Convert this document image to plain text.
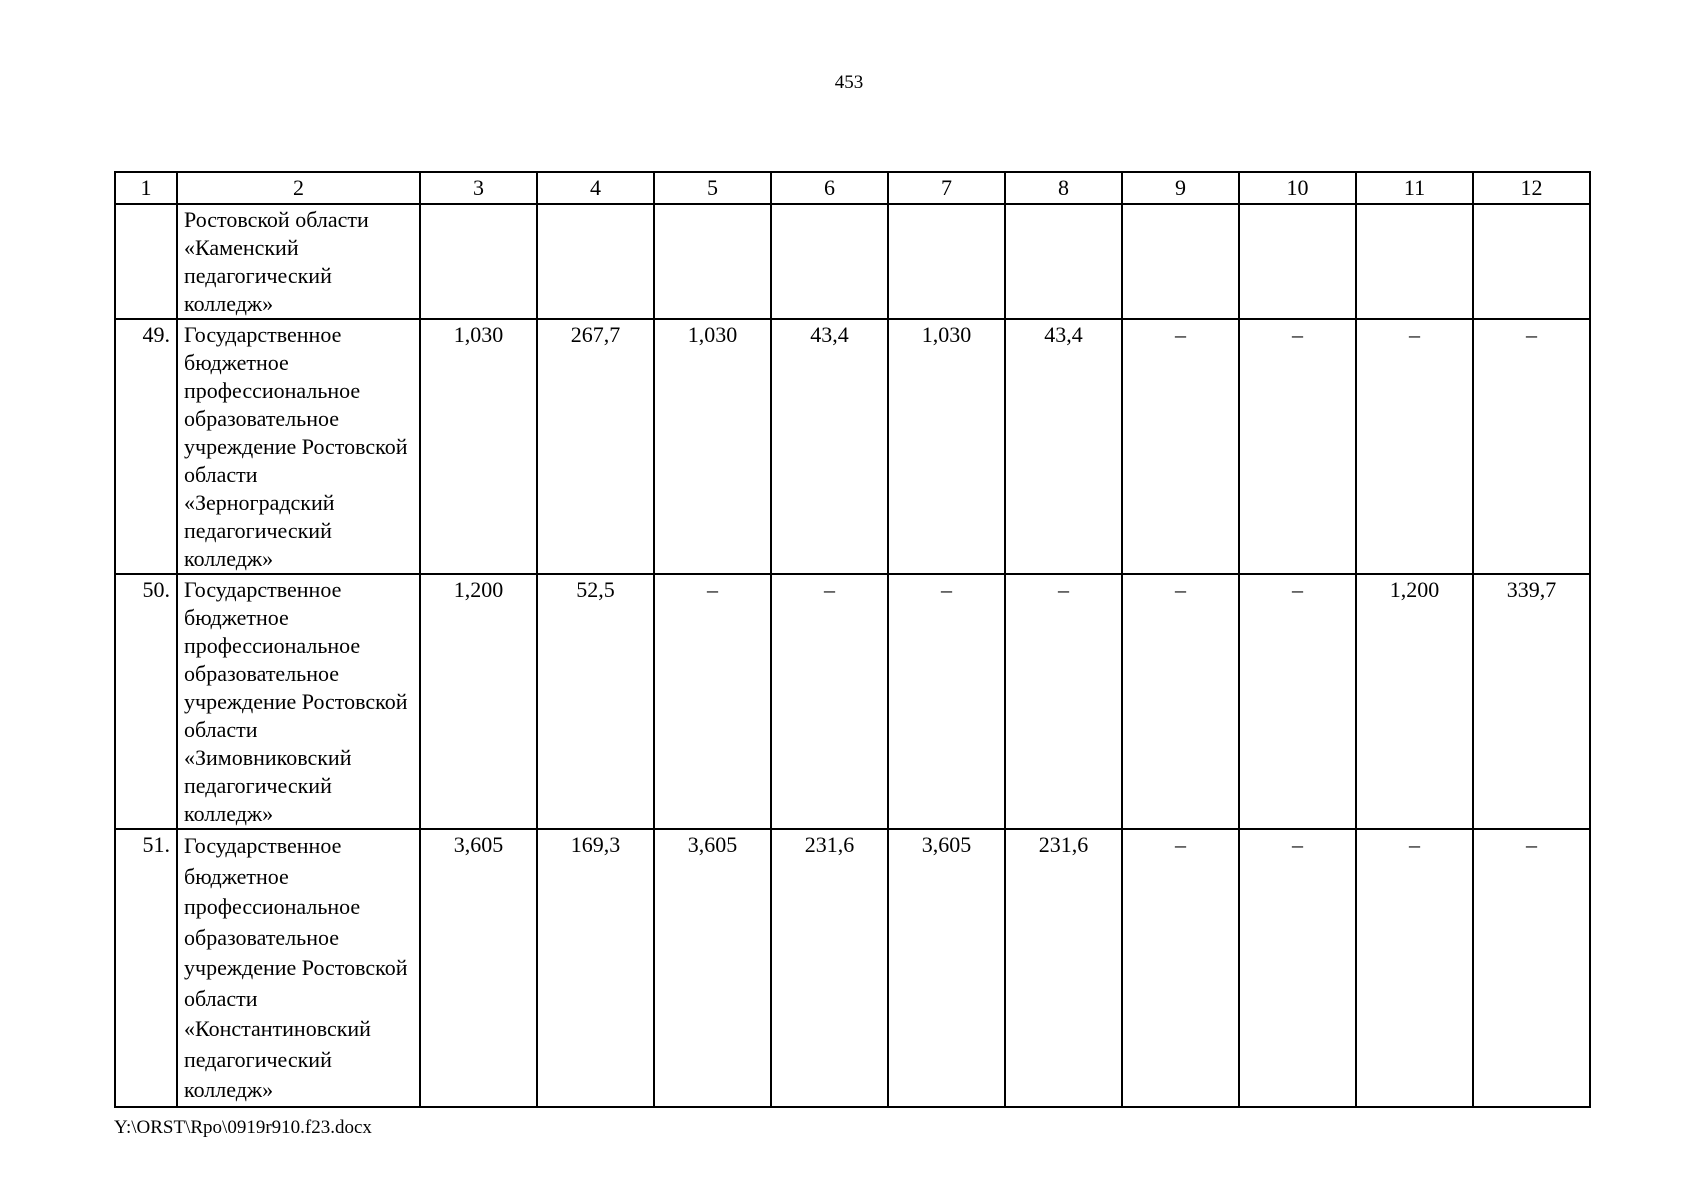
453
1	2	3	4	5	6	7	8	9	10	11	12
	Ростовской области «Каменский педагогический колледж»										
49.	Государственное бюджетное профессиональное образовательное учреждение Ростовской области «Зерноградский педагогический колледж»	1,030	267,7	1,030	43,4	1,030	43,4	–	–	–	–
50.	Государственное бюджетное профессиональное образовательное учреждение Ростовской области «Зимовниковский педагогический колледж»	1,200	52,5	–	–	–	–	–	–	1,200	339,7
51.	Государственное бюджетное профессиональное образовательное учреждение Ростовской области «Константиновский педагогический колледж»	3,605	169,3	3,605	231,6	3,605	231,6	–	–	–	–
Y:\ORST\Rpo\0919r910.f23.docx
